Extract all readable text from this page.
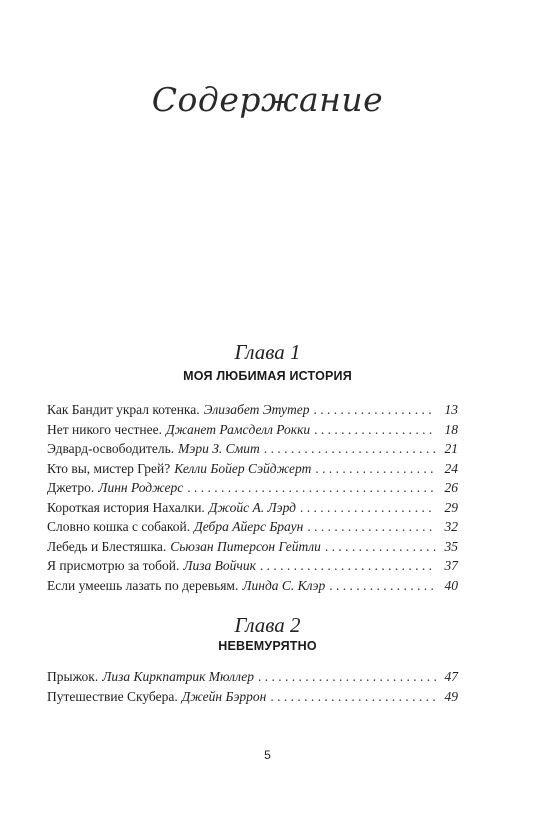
Содержание
Глава 1
МОЯ ЛЮБИМАЯ ИСТОРИЯ
Как Бандит украл котенка. Элизабет Этутер . . .	13
Нет никого честнее. Джанет Рамсделл Рокки . . .	18
Эдвард-освободитель. Мэри З. Смит . . .	21
Кто вы, мистер Грей? Келли Бойер Сэйджерт . . .	24
Джетро. Линн Роджерс . . .	26
Короткая история Нахалки. Джойс А. Лэрд . . .	29
Словно кошка с собакой. Дебра Айерс Браун . . .	32
Лебедь и Блестяшка. Сьюзан Питерсон Гейтли . . .	35
Я присмотрю за тобой. Лиза Войчик . . .	37
Если умеешь лазать по деревьям. Линда С. Клэр . . .	40
Глава 2
НЕВЕМУРЯТНО
Прыжок. Лиза Киркпатрик Мюллер . . .	47
Путешествие Скубера. Джейн Бэррон . . .	49
5
